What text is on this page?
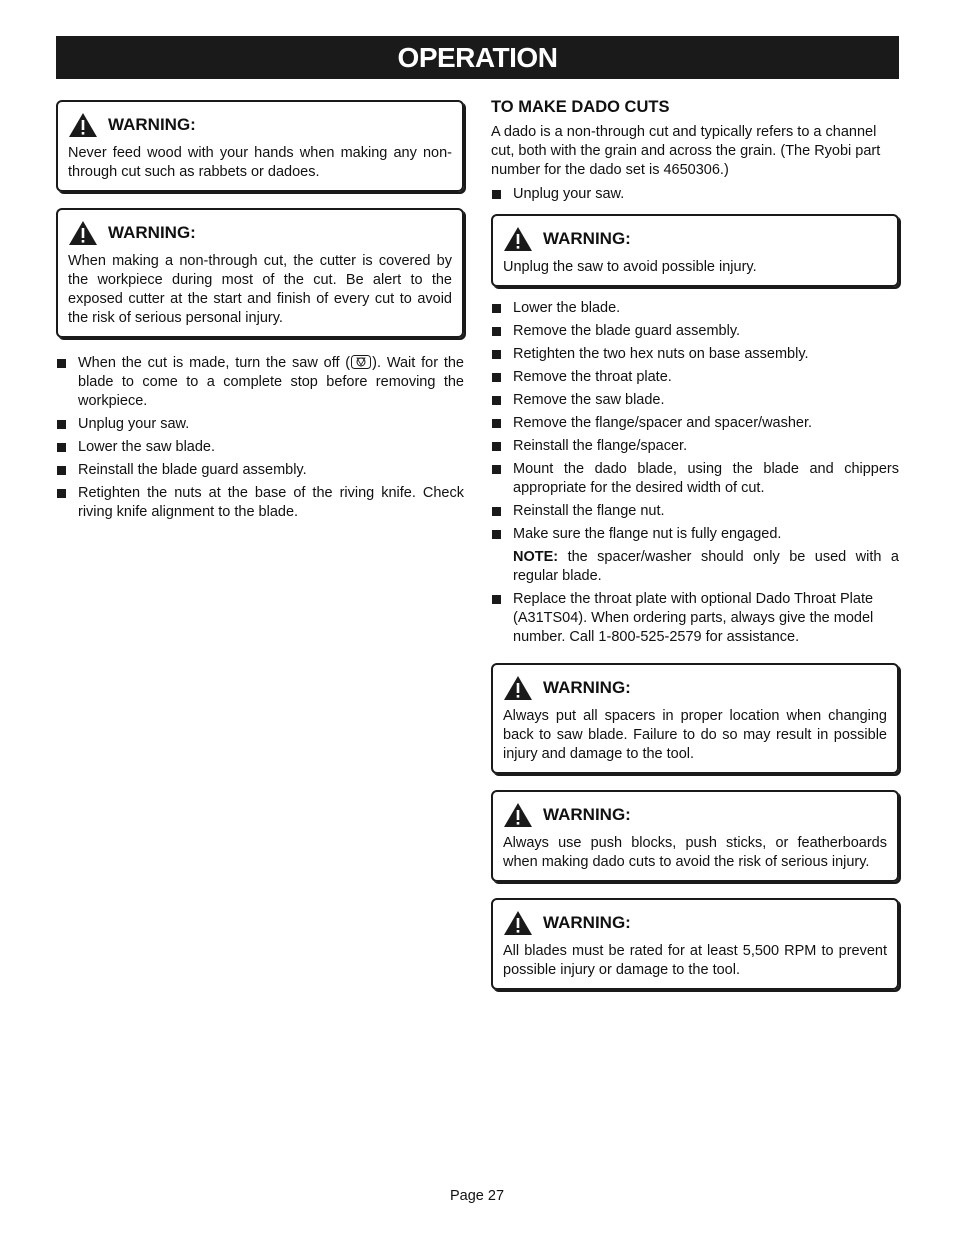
OPERATION
WARNING:
Never feed wood with your hands when making any non-through cut such as rabbets or dadoes.
WARNING:
When making a non-through cut, the cutter is covered by the workpiece during most of the cut. Be alert to the exposed cutter at the start and finish of every cut to avoid the risk of serious personal injury.
When the cut is made, turn the saw off ( ). Wait for the blade to come to a complete stop before removing the workpiece.
Unplug your saw.
Lower the saw blade.
Reinstall the blade guard assembly.
Retighten the nuts at the base of the riving knife. Check riving knife alignment to the blade.
TO MAKE DADO CUTS

A dado is a non-through cut and typically refers to a channel cut, both with the grain and across the grain. (The Ryobi part number for the dado set is 4650306.)

Unplug your saw.
WARNING:
Unplug the saw to avoid possible injury.
Lower the blade.
Remove the blade guard assembly.
Retighten the two hex nuts on base assembly.
Remove the throat plate.
Remove the saw blade.
Remove the flange/spacer and spacer/washer.
Reinstall the flange/spacer.
Mount the dado blade, using the blade and chippers appropriate for the desired width of cut.
Reinstall the flange nut.
Make sure the flange nut is fully engaged.
NOTE: the spacer/washer should only be used with a regular blade.
Replace the throat plate with optional Dado Throat Plate (A31TS04). When ordering parts, always give the model number. Call 1-800-525-2579 for assistance.
WARNING:
Always put all spacers in proper location when changing back to saw blade. Failure to do so may result in possible injury and damage to the tool.
WARNING:
Always use push blocks, push sticks, or featherboards when making dado cuts to avoid the risk of serious injury.
WARNING:
All blades must be rated for at least 5,500 RPM to prevent possible injury or damage to the tool.
Page 27
